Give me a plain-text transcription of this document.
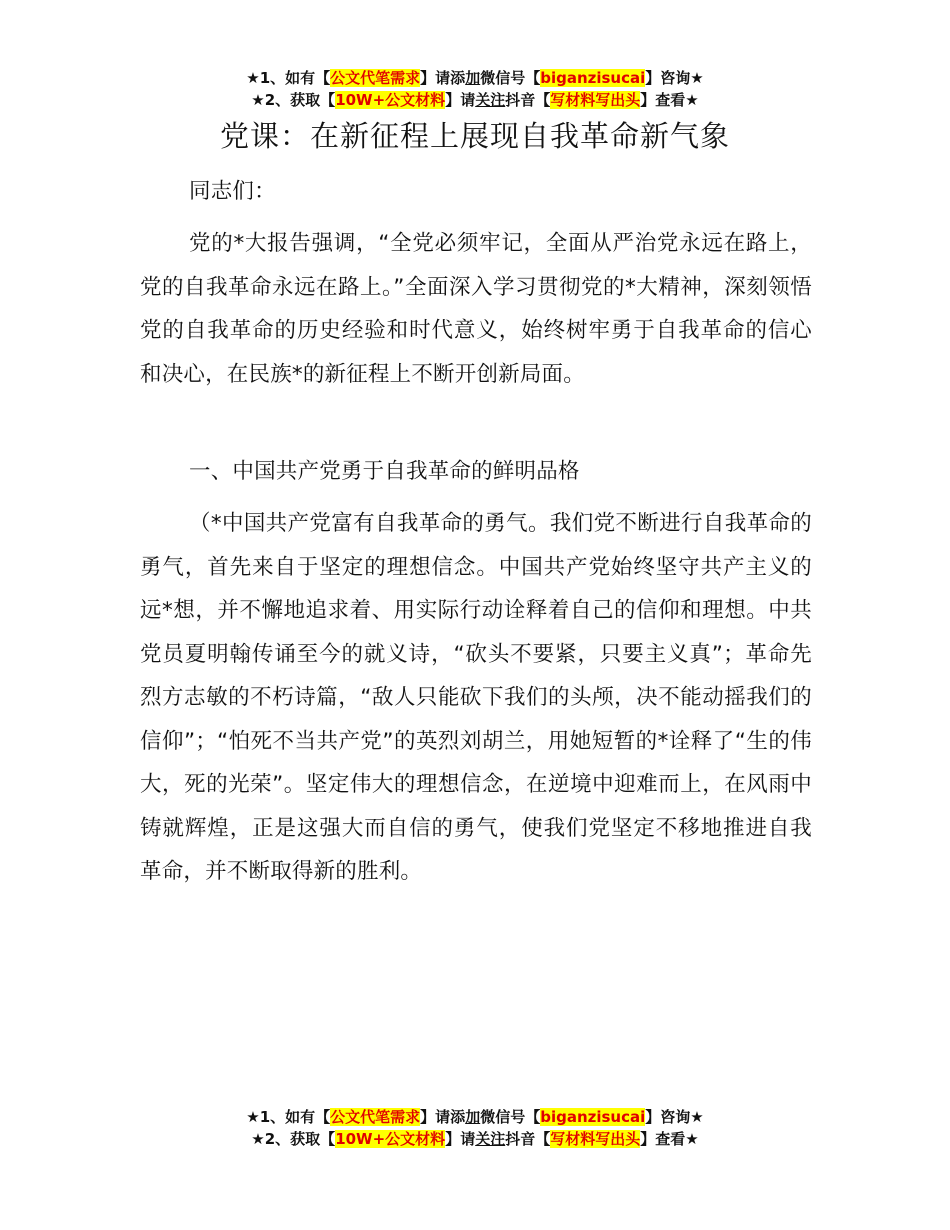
★1、如有【公文代笔需求】请添加微信号【biganzisucai】咨询★
★2、获取【10W+公文材料】请关注抖音【写材料写出头】查看★
党课：在新征程上展现自我革命新气象

同志们：

党的*大报告强调，“全党必须牢记，全面从严治党永远在路上，党的自我革命永远在路上。”全面深入学习贯彻党的*大精神，深刻领悟党的自我革命的历史经验和时代意义，始终树牢勇于自我革命的信心和决心，在民族*的新征程上不断开创新局面。

一、中国共产党勇于自我革命的鲜明品格

（*中国共产党富有自我革命的勇气。我们党不断进行自我革命的勇气，首先来自于坚定的理想信念。中国共产党始终坚守共产主义的远*想，并不懈地追求着、用实际行动诠释着自己的信仰和理想。中共党员夏明翰传诵至今的就义诗，“砍头不要紧，只要主义真”；革命先烈方志敏的不朽诗篇，“敌人只能砍下我们的头颅，决不能动摇我们的信仰”；“怕死不当共产党”的英烈刘胡兰，用她短暂的*诠释了“生的伟大，死的光荣”。坚定伟大的理想信念，在逆境中迎难而上，在风雨中铸就辉煌，正是这强大而自信的勇气，使我们党坚定不移地推进自我革命，并不断取得新的胜利。

★1、如有【公文代笔需求】请添加微信号【biganzisucai】咨询★
★2、获取【10W+公文材料】请关注抖音【写材料写出头】查看★
